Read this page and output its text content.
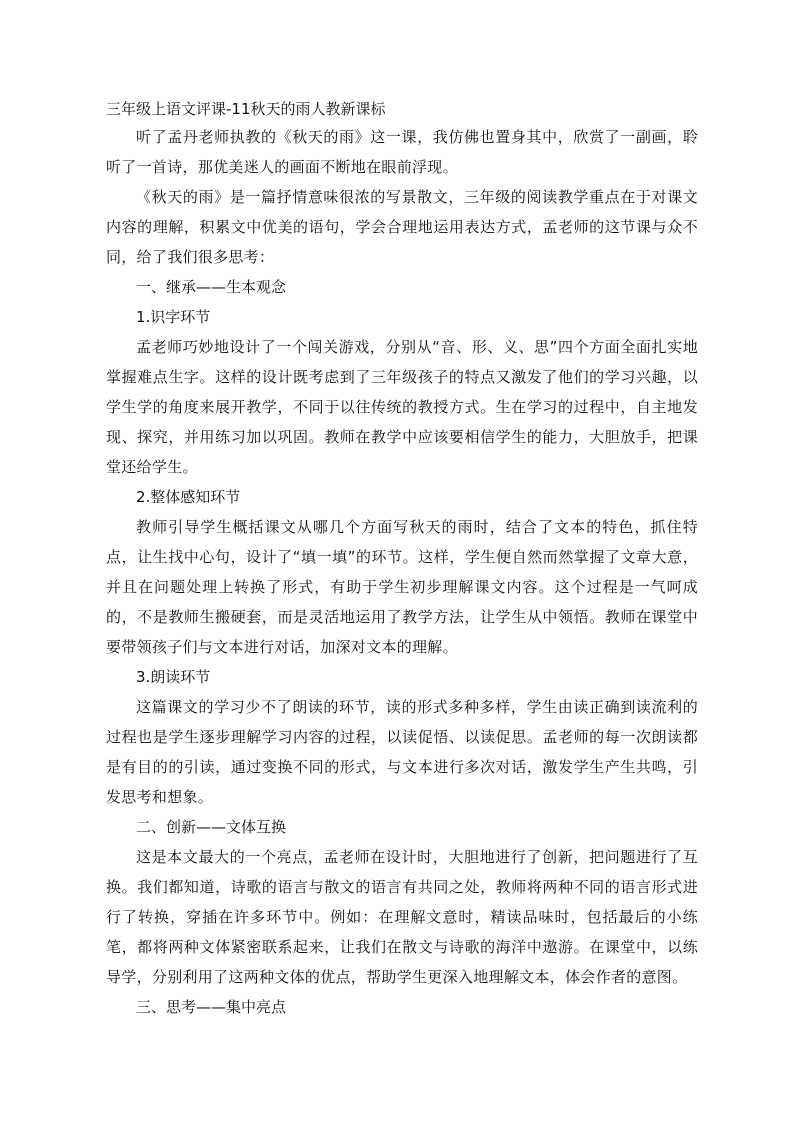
三年级上语文评课-11秋天的雨人教新课标

听了孟丹老师执教的《秋天的雨》这一课，我仿佛也置身其中，欣赏了一副画，聆听了一首诗，那优美迷人的画面不断地在眼前浮现。

《秋天的雨》是一篇抒情意味很浓的写景散文，三年级的阅读教学重点在于对课文内容的理解，积累文中优美的语句，学会合理地运用表达方式，孟老师的这节课与众不同，给了我们很多思考：

一、继承——生本观念

1.识字环节

孟老师巧妙地设计了一个闯关游戏，分别从“音、形、义、思”四个方面全面扎实地掌握难点生字。这样的设计既考虑到了三年级孩子的特点又激发了他们的学习兴趣，以学生学的角度来展开教学，不同于以往传统的教授方式。生在学习的过程中，自主地发现、探究，并用练习加以巩固。教师在教学中应该要相信学生的能力，大胆放手，把课堂还给学生。

2.整体感知环节

教师引导学生概括课文从哪几个方面写秋天的雨时，结合了文本的特色，抓住特点，让生找中心句，设计了“填一填”的环节。这样，学生便自然而然掌握了文章大意，并且在问题处理上转换了形式，有助于学生初步理解课文内容。这个过程是一气呵成的，不是教师生搬硬套，而是灵活地运用了教学方法，让学生从中领悟。教师在课堂中要带领孩子们与文本进行对话，加深对文本的理解。

3.朗读环节

这篇课文的学习少不了朗读的环节，读的形式多种多样，学生由读正确到读流利的过程也是学生逐步理解学习内容的过程，以读促悟、以读促思。孟老师的每一次朗读都是有目的的引读，通过变换不同的形式，与文本进行多次对话，激发学生产生共鸣，引发思考和想象。

二、创新——文体互换

这是本文最大的一个亮点，孟老师在设计时，大胆地进行了创新，把问题进行了互换。我们都知道，诗歌的语言与散文的语言有共同之处，教师将两种不同的语言形式进行了转换，穿插在许多环节中。例如：在理解文意时，精读品味时，包括最后的小练笔，都将两种文体紧密联系起来，让我们在散文与诗歌的海洋中遨游。在课堂中，以练导学，分别利用了这两种文体的优点，帮助学生更深入地理解文本，体会作者的意图。

三、思考——集中亮点
